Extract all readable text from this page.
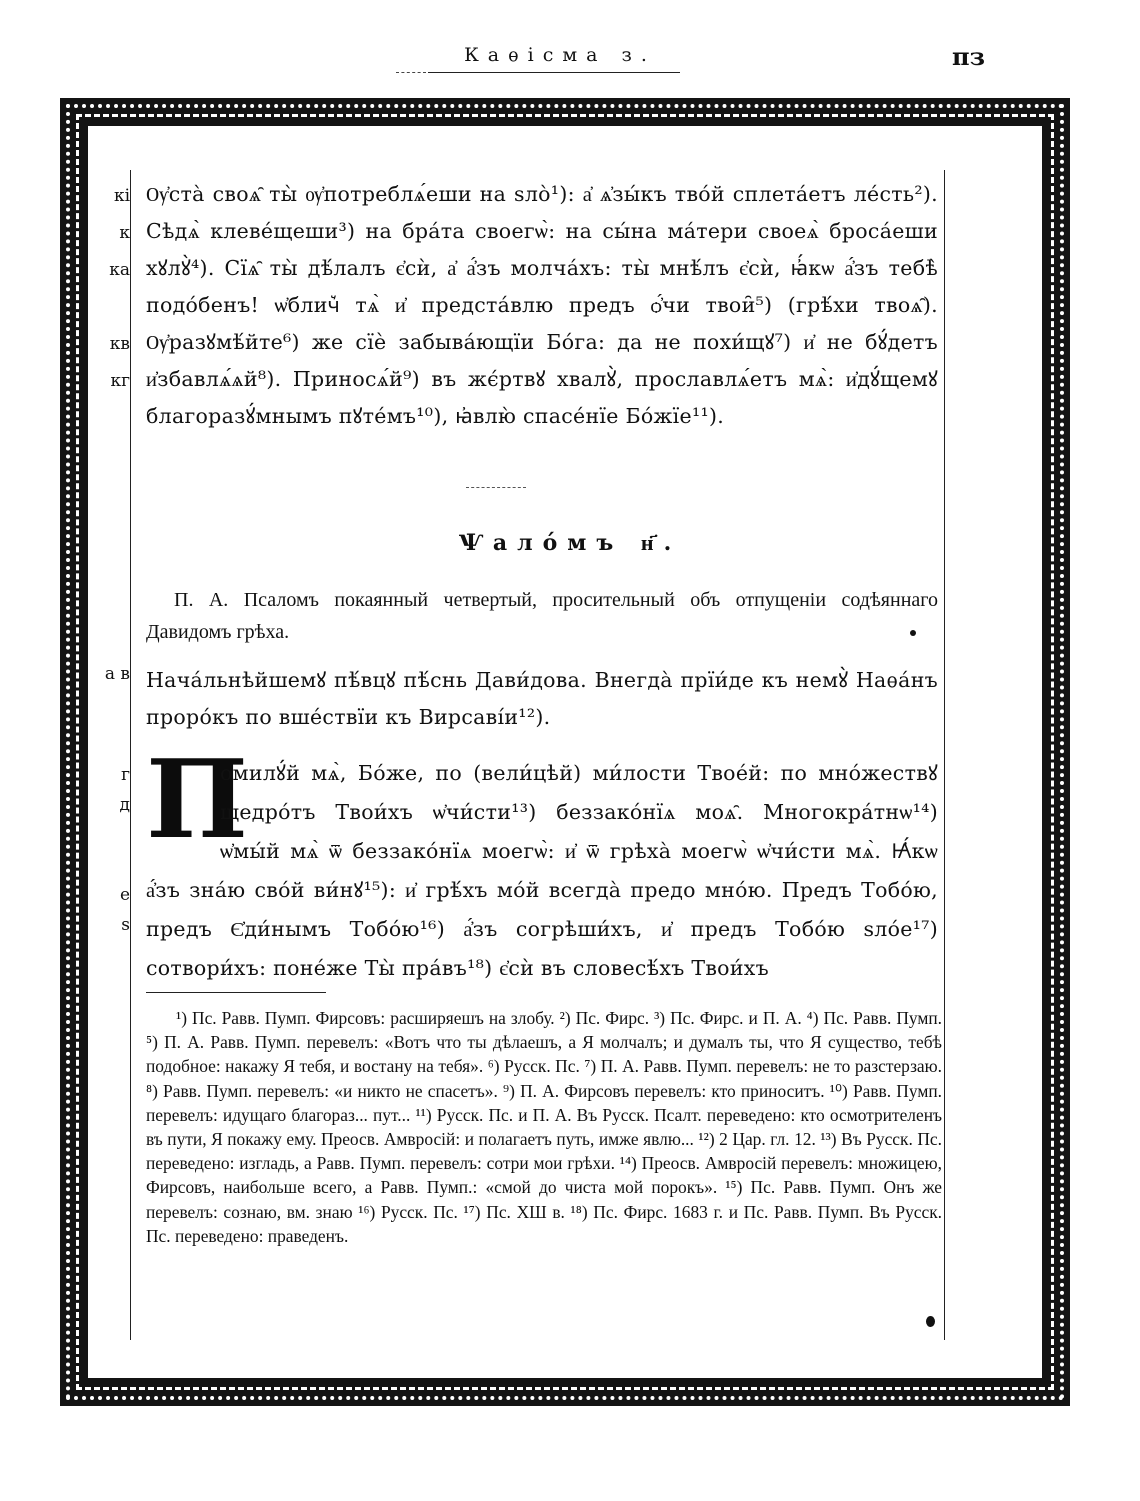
Каѳісма з.	пз
кі
к
ка
кв
кг
а в
г
д
е
ѕ
Ѹ҆ста̀ своѧ̑ ты̀ ѹ҆потреблѧ́еши на ѕло̀¹): а҆ ѧ҆зы́къ тво́й сплета́етъ ле́сть²). Сѣдѧ̀ клеве́щеши³) на бра́та своегѡ̀: на сы́на ма́тери своеѧ̀ броса́еши хꙋлꙋ̀⁴). Сїѧ̑ ты̀ дѣ́лалъ є҆сѝ, а҆ а҆́зъ молча́хъ: ты̀ мнѣ́лъ є҆сѝ, ꙗ҆́кѡ а҆́зъ тебѣ̀ подо́бенъ! ѡ҆блич꙽ тѧ̀ и҆ предста́влю предъ ѻ҆́чи твои̑⁵) (грѣ́хи твоѧ̑). Ѹ҆разꙋмѣ́йте⁶) же сїѐ забыва́ющїи Бо́га: да не похи́щꙋ⁷) и҆ не бꙋ́детъ и҆збавлѧ́ѧй⁸). Приносѧ́й⁹) въ жє́ртвꙋ хвалꙋ̀, прославлѧ́етъ мѧ̀: и҆дꙋ́щемꙋ благоразꙋ́мнымъ пꙋте́мъ¹⁰), ꙗ҆влю̀ спасе́нїе Бо́жїе¹¹).
Ѱало́мъ н҃.
П. А. Псаломъ покаянный четвертый, просительный объ отпущеніи содѣяннаго Давидомъ грѣха.
Нача́льнѣйшемꙋ пѣ́вцꙋ пѣ́снь Дави́дова. Внегда̀ прїи́де къ немꙋ̀ Наѳа́нъ проро́къ по вше́ствїи къ Вирсаві́и¹²).
П
омилꙋ́й мѧ̀, Бо́же, по (вели́цѣй) ми́лости Твое́й: по мно́жествꙋ щедро́тъ Твои́хъ ѡ҆чи́сти¹³) беззако́нїѧ моѧ̑. Многокра́тнѡ¹⁴) ѡ҆мы́й мѧ̀ ѿ беззако́нїѧ моегѡ̀: и҆ ѿ грѣха̀ моегѡ̀ ѡ҆чи́сти мѧ̀. Ꙗ҆́кѡ а҆́зъ зна́ю сво́й ви́нꙋ¹⁵): и҆ грѣ́хъ мо́й всегда̀ предо мно́ю. Предъ Тобо́ю, предъ Є҆ди́нымъ Тобо́ю¹⁶) а҆́зъ согрѣши́хъ, и҆ предъ Тобо́ю ѕло́е¹⁷) сотвори́хъ: поне́же Ты̀ пра́въ¹⁸) є҆сѝ въ словесѣ́хъ Твои́хъ
¹) Пс. Равв. Пумп. Фирсовъ: расширяешъ на злобу. ²) Пс. Фирс. ³) Пс. Фирс. и П. А. ⁴) Пс. Равв. Пумп. ⁵) П. А. Равв. Пумп. перевелъ: «Вотъ что ты дѣлаешъ, а Я молчалъ; и думалъ ты, что Я существо, тебѣ подобное: накажу Я тебя, и востану на тебя». ⁶) Русск. Пс. ⁷) П. А. Равв. Пумп. перевелъ: не то разстерзаю. ⁸) Равв. Пумп. перевелъ: «и никто не спасетъ». ⁹) П. А. Фирсовъ перевелъ: кто приноситъ. ¹⁰) Равв. Пумп. перевелъ: идущаго благораз... пут... ¹¹) Русск. Пс. и П. А. Въ Русск. Псалт. переведено: кто осмотрителенъ въ пути, Я покажу ему. Преосв. Амвросій: и полагаетъ путь, имже явлю... ¹²) 2 Цар. гл. 12. ¹³) Въ Русск. Пс. переведено: изгладь, а Равв. Пумп. перевелъ: сотри мои грѣхи. ¹⁴) Преосв. Амвросій перевелъ: множицею, Фирсовъ, наибольше всего, а Равв. Пумп.: «смой до чиста мой порокъ». ¹⁵) Пс. Равв. Пумп. Онъ же перевелъ: сознаю, вм. знаю ¹⁶) Русск. Пс. ¹⁷) Пс. ХШ в. ¹⁸) Пс. Фирс. 1683 г. и Пс. Равв. Пумп. Въ Русск. Пс. переведено: праведенъ.
